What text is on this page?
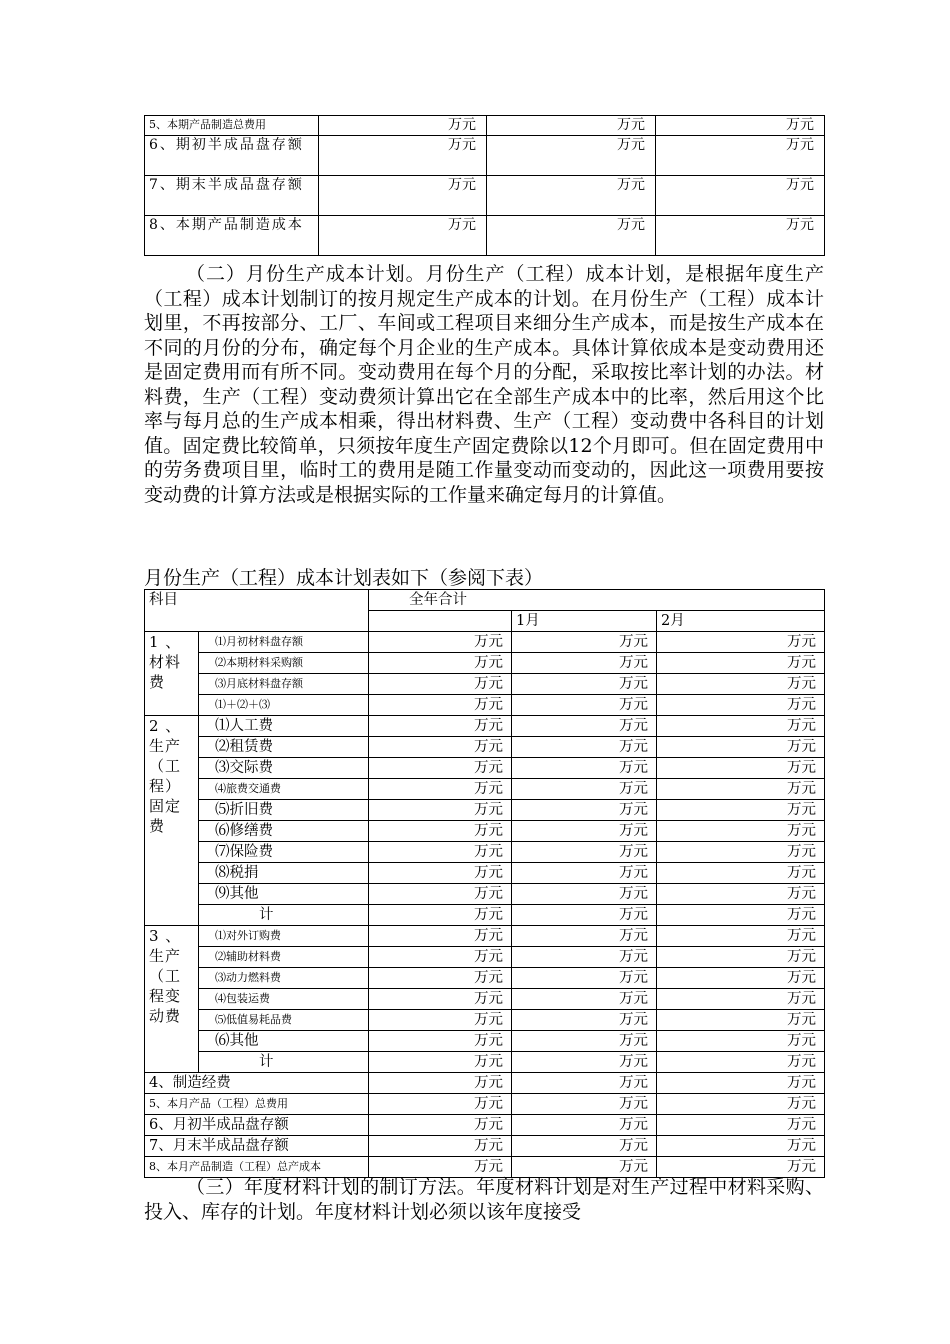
5、本期产品制造总费用	万元	万元	万元
6、期初半成品盘存额	万元	万元	万元
7、期末半成品盘存额	万元	万元	万元
8、本期产品制造成本	万元	万元	万元

（二）月份生产成本计划。月份生产（工程）成本计划，是根据年度生产（工程）成本计划制订的按月规定生产成本的计划。在月份生产（工程）成本计划里，不再按部分、工厂、车间或工程项目来细分生产成本，而是按生产成本在不同的月份的分布，确定每个月企业的生产成本。具体计算依成本是变动费用还是固定费用而有所不同。变动费用在每个月的分配，采取按比率计划的办法。材料费，生产（工程）变动费须计算出它在全部生产成本中的比率，然后用这个比率与每月总的生产成本相乘，得出材料费、生产（工程）变动费中各科目的计划值。固定费比较简单，只须按年度生产固定费除以12个月即可。但在固定费用中的劳务费项目里，临时工的费用是随工作量变动而变动的，因此这一项费用要按变动费的计算方法或是根据实际的工作量来确定每月的计算值。

月份生产（工程）成本计划表如下（参阅下表）

科目		全年合计		
			1月	2月
1 、材料费	⑴月初材料盘存额	万元	万元	万元
	⑵本期材料采购额	万元	万元	万元
	⑶月底材料盘存额	万元	万元	万元
	⑴＋⑵＋⑶	万元	万元	万元
2 、生产（工程）固定费	⑴人工费	万元	万元	万元
	⑵租赁费	万元	万元	万元
	⑶交际费	万元	万元	万元
	⑷旅费交通费	万元	万元	万元
	⑸折旧费	万元	万元	万元
	⑹修缮费	万元	万元	万元
	⑺保险费	万元	万元	万元
	⑻税捐	万元	万元	万元
	⑼其他	万元	万元	万元
	计	万元	万元	万元
3 、生产（工程变动费	⑴对外订购费	万元	万元	万元
	⑵辅助材料费	万元	万元	万元
	⑶动力燃料费	万元	万元	万元
	⑷包装运费	万元	万元	万元
	⑸低值易耗品费	万元	万元	万元
	⑹其他	万元	万元	万元
	计	万元	万元	万元
4、制造经费		万元	万元	万元
5、本月产品（工程）总费用		万元	万元	万元
6、月初半成品盘存额		万元	万元	万元
7、月末半成品盘存额		万元	万元	万元
8、本月产品制造（工程）总产成本		万元	万元	万元

（三）年度材料计划的制订方法。年度材料计划是对生产过程中材料采购、投入、库存的计划。年度材料计划必须以该年度接受
